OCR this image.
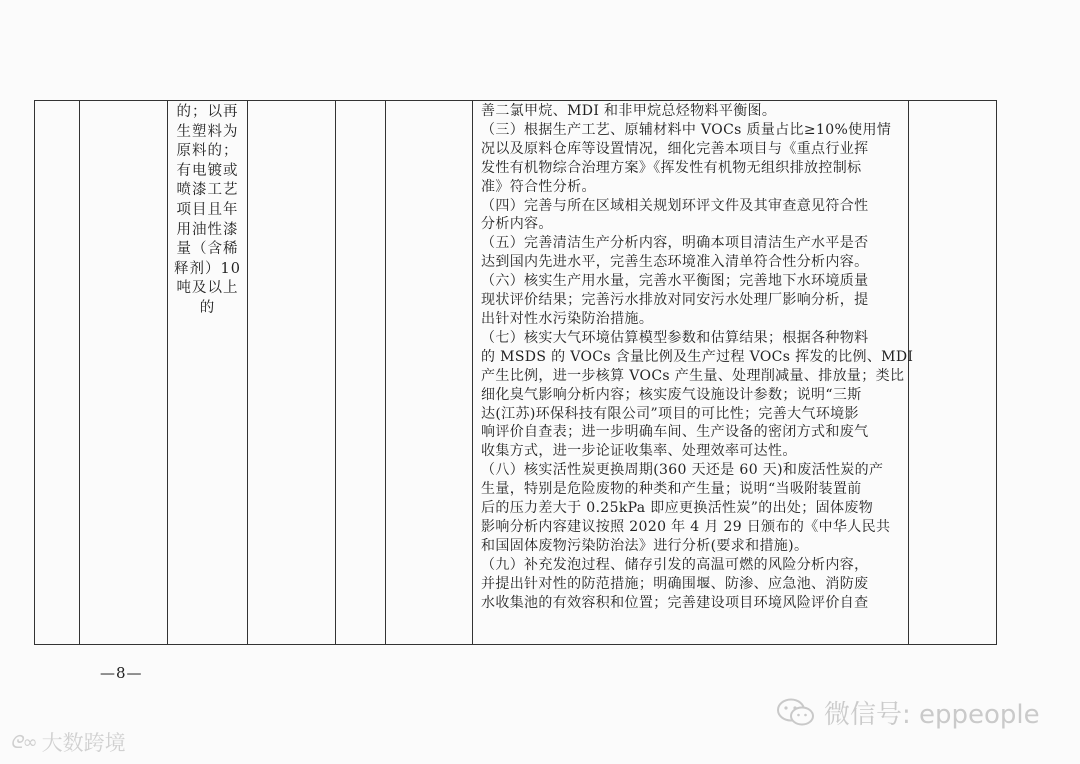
的；以再
生塑料为
原料的；
有电镀或
喷漆工艺
项目且年
用油性漆
量（含稀
释剂）10
吨及以上
的

善二氯甲烷、MDI 和非甲烷总烃物料平衡图。
（三）根据生产工艺、原辅材料中 VOCs 质量占比≥10%使用情
况以及原料仓库等设置情况，细化完善本项目与《重点行业挥
发性有机物综合治理方案》《挥发性有机物无组织排放控制标
准》符合性分析。
（四）完善与所在区域相关规划环评文件及其审查意见符合性
分析内容。
（五）完善清洁生产分析内容，明确本项目清洁生产水平是否
达到国内先进水平，完善生态环境准入清单符合性分析内容。
（六）核实生产用水量，完善水平衡图；完善地下水环境质量
现状评价结果；完善污水排放对同安污水处理厂影响分析，提
出针对性水污染防治措施。
（七）核实大气环境估算模型参数和估算结果；根据各种物料
的 MSDS 的 VOCs 含量比例及生产过程 VOCs 挥发的比例、MDI
产生比例，进一步核算 VOCs 产生量、处理削减量、排放量；类比
细化臭气影响分析内容；核实废气设施设计参数；说明“三斯
达(江苏)环保科技有限公司”项目的可比性；完善大气环境影
响评价自查表；进一步明确车间、生产设备的密闭方式和废气
收集方式，进一步论证收集率、处理效率可达性。
（八）核实活性炭更换周期(360 天还是 60 天)和废活性炭的产
生量，特别是危险废物的种类和产生量；说明“当吸附装置前
后的压力差大于 0.25kPa 即应更换活性炭”的出处；固体废物
影响分析内容建议按照 2020 年 4 月 29 日颁布的《中华人民共
和国固体废物污染防治法》进行分析(要求和措施)。
（九）补充发泡过程、储存引发的高温可燃的风险分析内容，
并提出针对性的防范措施；明确围堰、防渗、应急池、消防废
水收集池的有效容积和位置；完善建设项目环境风险评价自查

—8—
ᘓ∞ 大数跨境
微信号: eppeople
